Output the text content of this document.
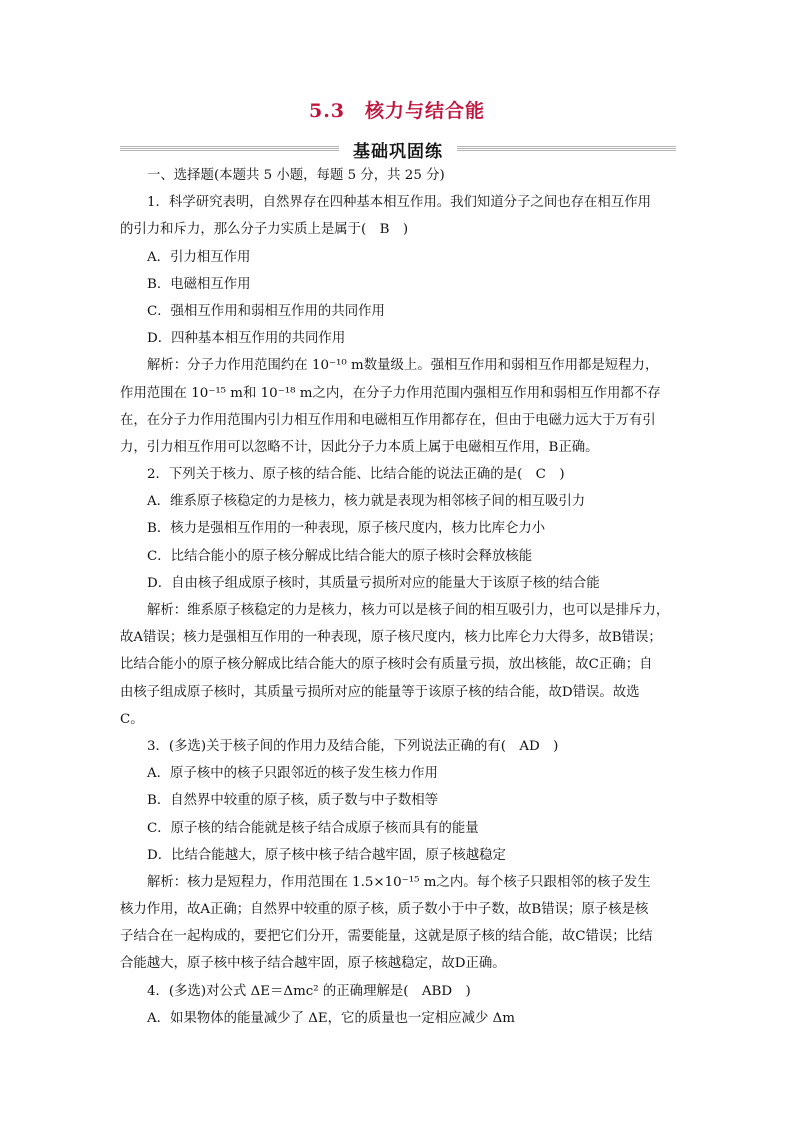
5.3　核力与结合能
基础巩固练
一、选择题(本题共 5 小题，每题 5 分，共 25 分)
1．科学研究表明，自然界存在四种基本相互作用。我们知道分子之间也存在相互作用
的引力和斥力，那么分子力实质上是属于(　B　)
A．引力相互作用
B．电磁相互作用
C．强相互作用和弱相互作用的共同作用
D．四种基本相互作用的共同作用
解析：分子力作用范围约在 10⁻¹⁰ m数量级上。强相互作用和弱相互作用都是短程力，
作用范围在 10⁻¹⁵ m和 10⁻¹⁸ m之内，在分子力作用范围内强相互作用和弱相互作用都不存
在，在分子力作用范围内引力相互作用和电磁相互作用都存在，但由于电磁力远大于万有引
力，引力相互作用可以忽略不计，因此分子力本质上属于电磁相互作用，B正确。
2．下列关于核力、原子核的结合能、比结合能的说法正确的是(　C　)
A．维系原子核稳定的力是核力，核力就是表现为相邻核子间的相互吸引力
B．核力是强相互作用的一种表现，原子核尺度内，核力比库仑力小
C．比结合能小的原子核分解成比结合能大的原子核时会释放核能
D．自由核子组成原子核时，其质量亏损所对应的能量大于该原子核的结合能
解析：维系原子核稳定的力是核力，核力可以是核子间的相互吸引力，也可以是排斥力，
故A错误；核力是强相互作用的一种表现，原子核尺度内，核力比库仑力大得多，故B错误；
比结合能小的原子核分解成比结合能大的原子核时会有质量亏损，放出核能，故C正确；自
由核子组成原子核时，其质量亏损所对应的能量等于该原子核的结合能，故D错误。故选
C。
3．(多选)关于核子间的作用力及结合能，下列说法正确的有(　AD　)
A．原子核中的核子只跟邻近的核子发生核力作用
B．自然界中较重的原子核，质子数与中子数相等
C．原子核的结合能就是核子结合成原子核而具有的能量
D．比结合能越大，原子核中核子结合越牢固，原子核越稳定
解析：核力是短程力，作用范围在 1.5×10⁻¹⁵ m之内。每个核子只跟相邻的核子发生
核力作用，故A正确；自然界中较重的原子核，质子数小于中子数，故B错误；原子核是核
子结合在一起构成的，要把它们分开，需要能量，这就是原子核的结合能，故C错误；比结
合能越大，原子核中核子结合越牢固，原子核越稳定，故D正确。
4．(多选)对公式 ΔE＝Δmc² 的正确理解是(　ABD　)
A．如果物体的能量减少了 ΔE，它的质量也一定相应减少 Δm
